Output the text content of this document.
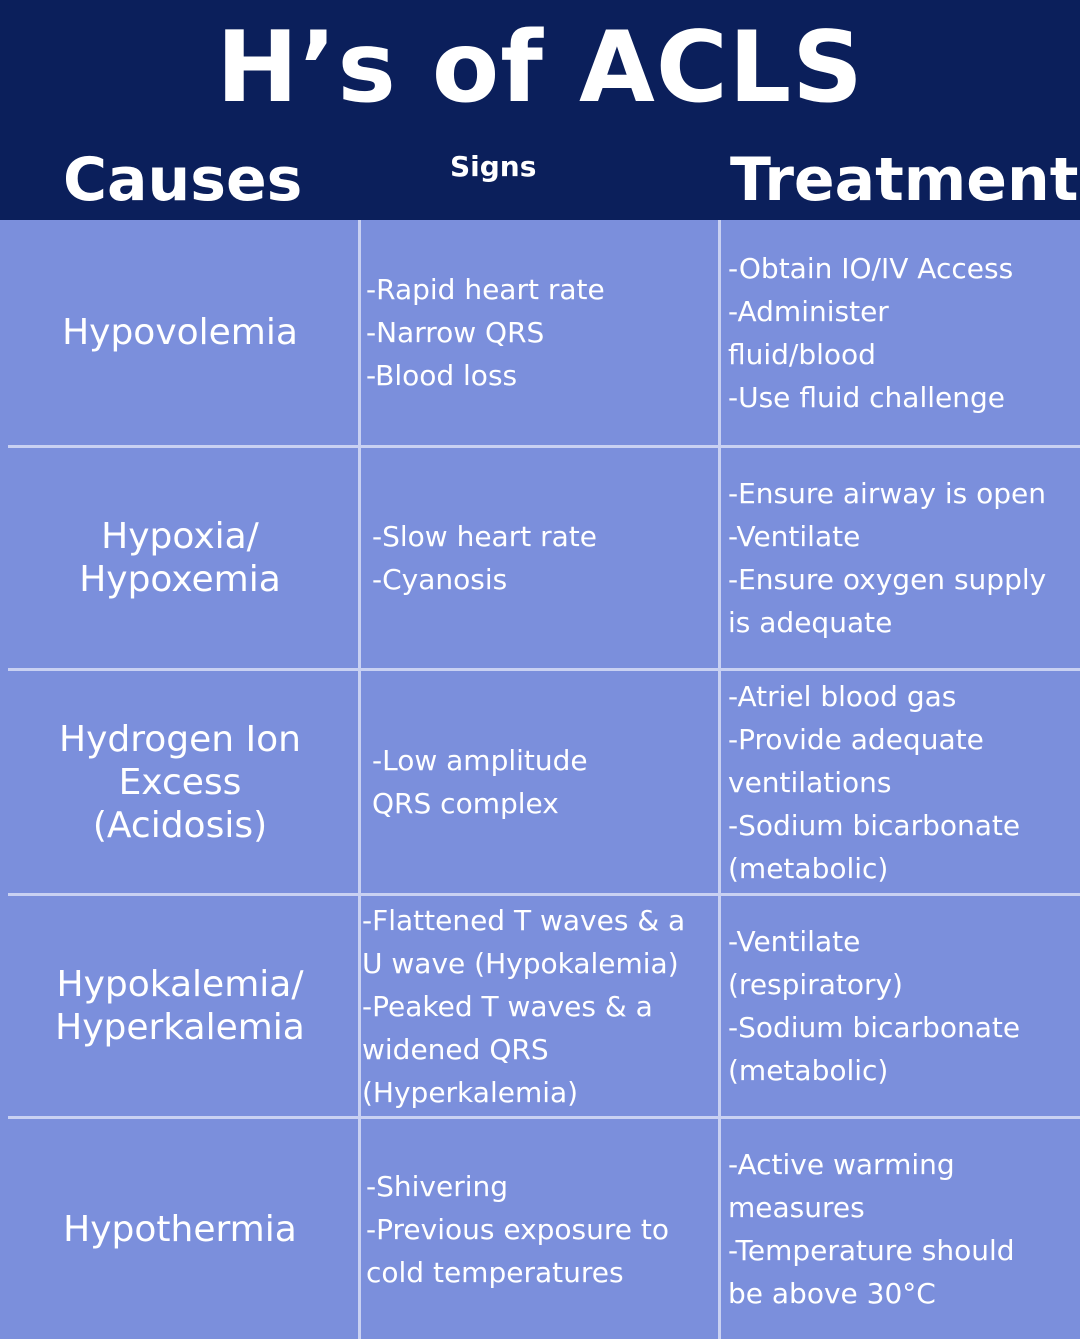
H’s of ACLS
Causes	Signs	Treatment
Hypovolemia
-Rapid heart rate
-Narrow QRS
-Blood loss
-Obtain IO/IV Access
-Administer
fluid/blood
-Use fluid challenge
Hypoxia/
Hypoxemia
-Slow heart rate
-Cyanosis
-Ensure airway is open
-Ventilate
-Ensure oxygen supply
is adequate
Hydrogen Ion
Excess
(Acidosis)
-Low amplitude
QRS complex
-Atriel blood gas
-Provide adequate
ventilations
-Sodium bicarbonate
(metabolic)
Hypokalemia/
Hyperkalemia
-Flattened T waves & a
U wave (Hypokalemia)
-Peaked T waves & a
widened QRS
(Hyperkalemia)
-Ventilate
(respiratory)
-Sodium bicarbonate
(metabolic)
Hypothermia
-Shivering
-Previous exposure to
cold temperatures
-Active warming
measures
-Temperature should
be above 30°C
